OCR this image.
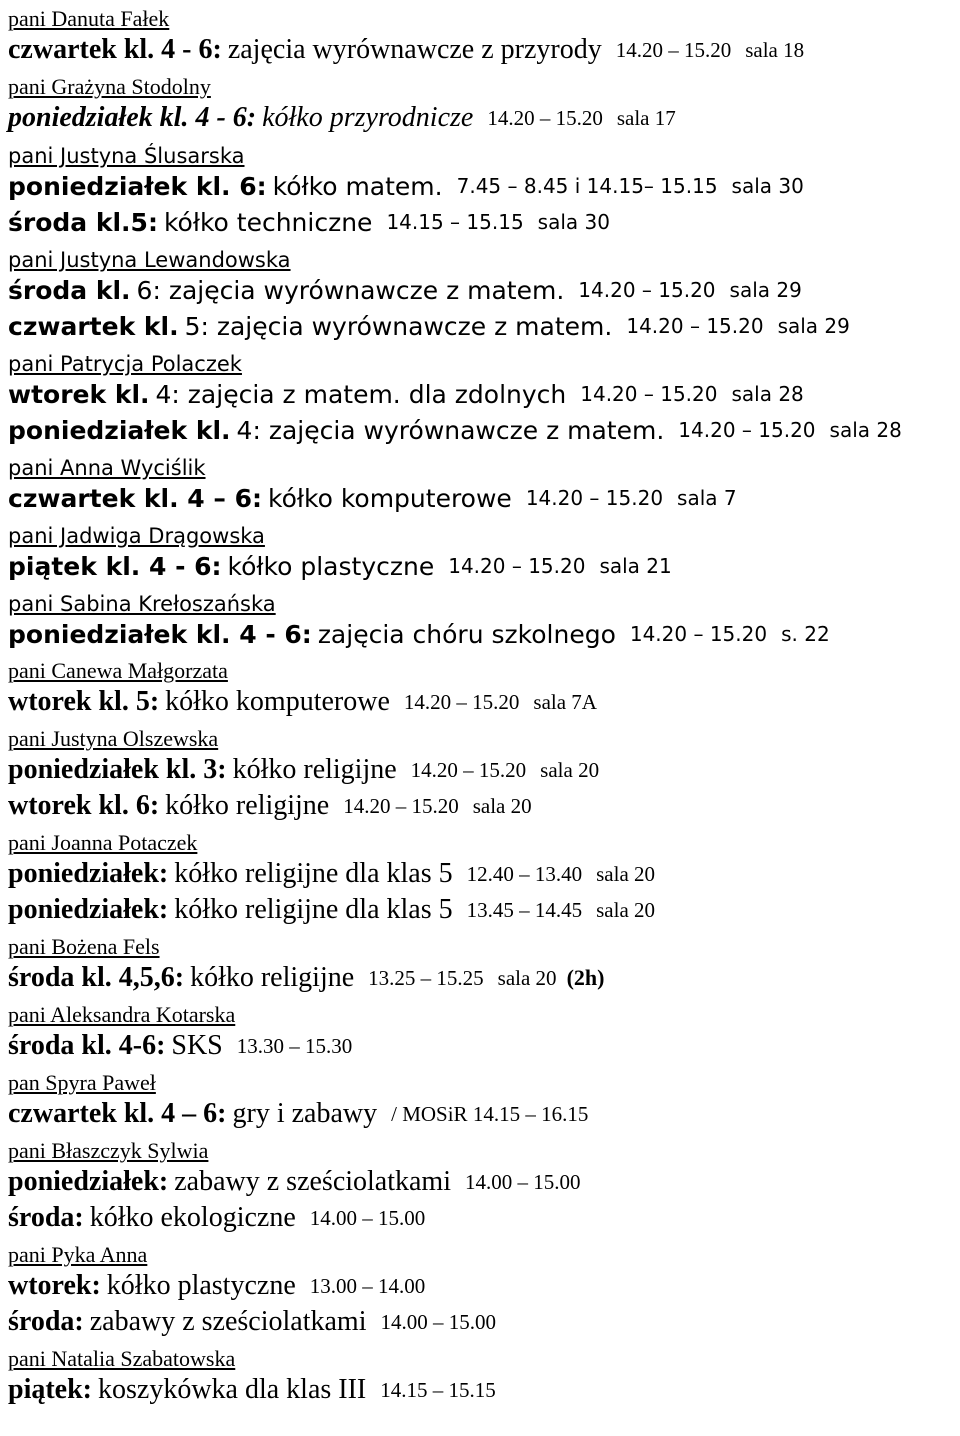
pani Danuta Fałek
czwartek kl. 4 - 6: zajęcia wyrównawcze z przyrody 14.20 – 15.20 sala 18
pani Grażyna Stodolny
poniedziałek kl. 4 - 6: kółko przyrodnicze 14.20 – 15.20 sala 17
pani Justyna Ślusarska
poniedziałek kl. 6: kółko matem. 7.45 – 8.45 i 14.15– 15.15 sala 30
środa kl.5: kółko techniczne 14.15 – 15.15 sala 30
pani Justyna Lewandowska
środa kl. 6: zajęcia wyrównawcze z matem. 14.20 – 15.20 sala 29
czwartek kl. 5: zajęcia wyrównawcze z matem. 14.20 – 15.20 sala 29
pani Patrycja Polaczek
wtorek kl. 4: zajęcia z matem. dla zdolnych 14.20 – 15.20 sala 28
poniedziałek kl. 4: zajęcia wyrównawcze z matem. 14.20 – 15.20 sala 28
pani Anna Wyciślik
czwartek kl. 4 – 6: kółko komputerowe 14.20 – 15.20 sala 7
pani Jadwiga Drągowska
piątek kl. 4 - 6: kółko plastyczne 14.20 – 15.20 sala 21
pani Sabina Krełoszańska
poniedziałek kl. 4 - 6: zajęcia chóru szkolnego 14.20 – 15.20 s. 22
pani Canewa Małgorzata
wtorek kl. 5: kółko komputerowe 14.20 – 15.20 sala 7A
pani Justyna Olszewska
poniedziałek kl. 3: kółko religijne 14.20 – 15.20 sala 20
wtorek kl. 6: kółko religijne 14.20 – 15.20 sala 20
pani Joanna Potaczek
poniedziałek: kółko religijne dla klas 5 12.40 – 13.40 sala 20
poniedziałek: kółko religijne dla klas 5 13.45 – 14.45 sala 20
pani Bożena Fels
środa kl. 4,5,6: kółko religijne 13.25 – 15.25 sala 20 (2h)
pani Aleksandra Kotarska
środa kl. 4-6: SKS 13.30 – 15.30
pan Spyra Paweł
czwartek kl. 4 – 6: gry i zabawy / MOSiR 14.15 – 16.15
pani Błaszczyk Sylwia
poniedziałek: zabawy z sześciolatkami 14.00 – 15.00
środa: kółko ekologiczne 14.00 – 15.00
pani Pyka Anna
wtorek: kółko plastyczne 13.00 – 14.00
środa: zabawy z sześciolatkami 14.00 – 15.00
pani Natalia Szabatowska
piątek: koszykówka dla klas III 14.15 – 15.15
